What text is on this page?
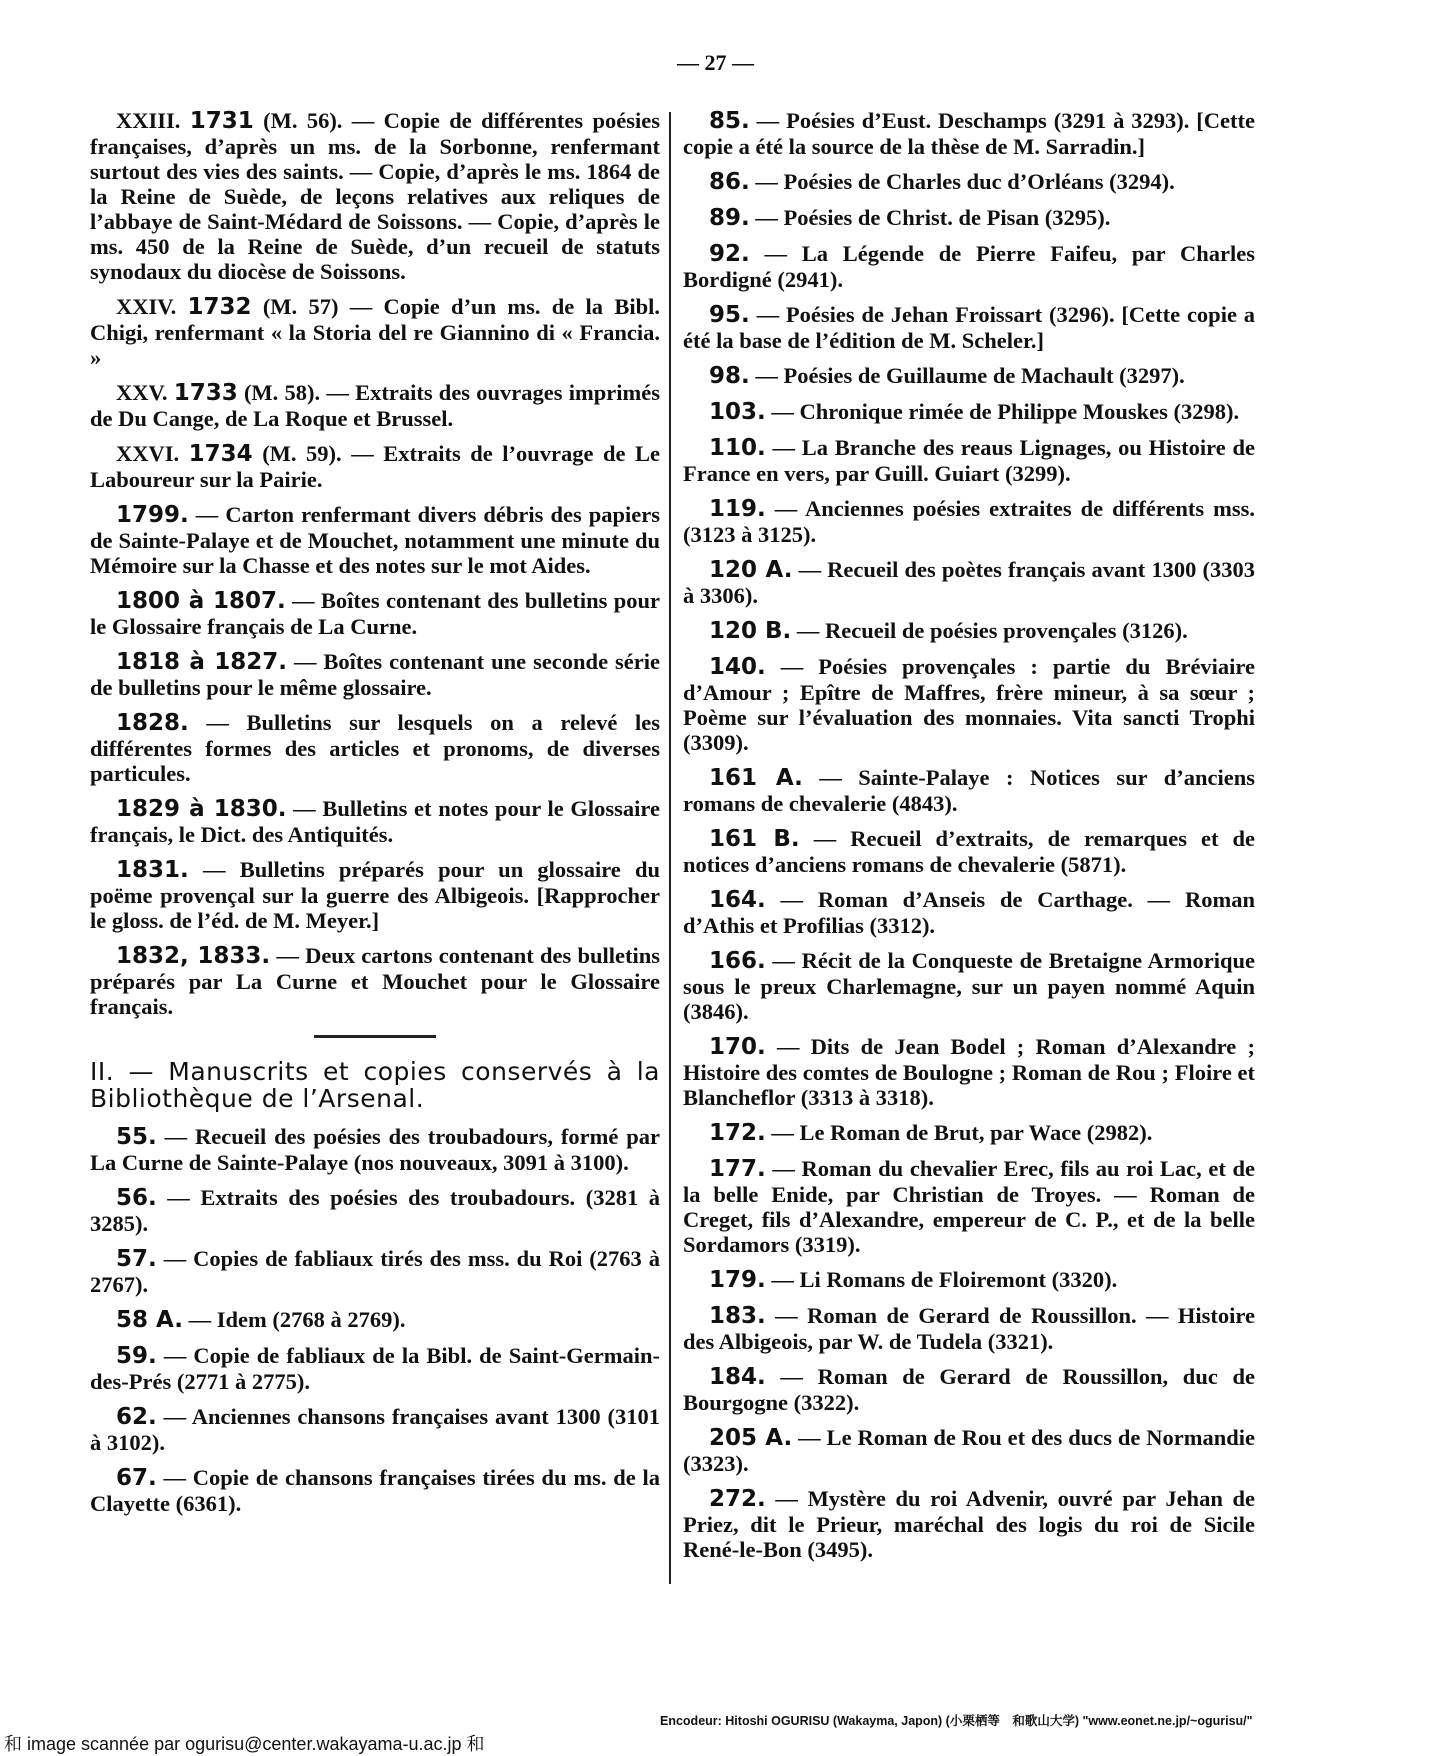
— 27 —

XXIII. 1731 (M. 56). — Copie de différentes poésies françaises, d’après un ms. de la Sorbonne, renfermant surtout des vies des saints. — Copie, d’après le ms. 1864 de la Reine de Suède, de leçons relatives aux reliques de l’abbaye de Saint-Médard de Soissons. — Copie, d’après le ms. 450 de la Reine de Suède, d’un recueil de statuts synodaux du diocèse de Soissons.

XXIV. 1732 (M. 57) — Copie d’un ms. de la Bibl. Chigi, renfermant « la Storia del re Giannino di « Francia. »

XXV. 1733 (M. 58). — Extraits des ouvrages imprimés de Du Cange, de La Roque et Brussel.

XXVI. 1734 (M. 59). — Extraits de l’ouvrage de Le Laboureur sur la Pairie.

1799. — Carton renfermant divers débris des papiers de Sainte-Palaye et de Mouchet, notamment une minute du Mémoire sur la Chasse et des notes sur le mot Aides.

1800 à 1807. — Boîtes contenant des bulletins pour le Glossaire français de La Curne.

1818 à 1827. — Boîtes contenant une seconde série de bulletins pour le même glossaire.

1828. — Bulletins sur lesquels on a relevé les différentes formes des articles et pronoms, de diverses particules.

1829 à 1830. — Bulletins et notes pour le Glossaire français, le Dict. des Antiquités.

1831. — Bulletins préparés pour un glossaire du poëme provençal sur la guerre des Albigeois. [Rapprocher le gloss. de l’éd. de M. Meyer.]

1832, 1833. — Deux cartons contenant des bulletins préparés par La Curne et Mouchet pour le Glossaire français.

II. — Manuscrits et copies conservés à la Bibliothèque de l’Arsenal.

55. — Recueil des poésies des troubadours, formé par La Curne de Sainte-Palaye (nos nouveaux, 3091 à 3100).

56. — Extraits des poésies des troubadours. (3281 à 3285).

57. — Copies de fabliaux tirés des mss. du Roi (2763 à 2767).

58 A. — Idem (2768 à 2769).

59. — Copie de fabliaux de la Bibl. de Saint-Germain-des-Prés (2771 à 2775).

62. — Anciennes chansons françaises avant 1300 (3101 à 3102).

67. — Copie de chansons françaises tirées du ms. de la Clayette (6361).

85. — Poésies d’Eust. Deschamps (3291 à 3293). [Cette copie a été la source de la thèse de M. Sarradin.]

86. — Poésies de Charles duc d’Orléans (3294).

89. — Poésies de Christ. de Pisan (3295).

92. — La Légende de Pierre Faifeu, par Charles Bordigné (2941).

95. — Poésies de Jehan Froissart (3296). [Cette copie a été la base de l’édition de M. Scheler.]

98. — Poésies de Guillaume de Machault (3297).

103. — Chronique rimée de Philippe Mouskes (3298).

110. — La Branche des reaus Lignages, ou Histoire de France en vers, par Guill. Guiart (3299).

119. — Anciennes poésies extraites de différents mss. (3123 à 3125).

120 A. — Recueil des poètes français avant 1300 (3303 à 3306).

120 B. — Recueil de poésies provençales (3126).

140. — Poésies provençales : partie du Bréviaire d’Amour ; Epître de Maffres, frère mineur, à sa sœur ; Poème sur l’évaluation des monnaies. Vita sancti Trophi (3309).

161 A. — Sainte-Palaye : Notices sur d’anciens romans de chevalerie (4843).

161 B. — Recueil d’extraits, de remarques et de notices d’anciens romans de chevalerie (5871).

164. — Roman d’Anseis de Carthage. — Roman d’Athis et Profilias (3312).

166. — Récit de la Conqueste de Bretaigne Armorique sous le preux Charlemagne, sur un payen nommé Aquin (3846).

170. — Dits de Jean Bodel ; Roman d’Alexandre ; Histoire des comtes de Boulogne ; Roman de Rou ; Floire et Blancheflor (3313 à 3318).

172. — Le Roman de Brut, par Wace (2982).

177. — Roman du chevalier Erec, fils au roi Lac, et de la belle Enide, par Christian de Troyes. — Roman de Creget, fils d’Alexandre, empereur de C. P., et de la belle Sordamors (3319).

179. — Li Romans de Floiremont (3320).

183. — Roman de Gerard de Roussillon. — Histoire des Albigeois, par W. de Tudela (3321).

184. — Roman de Gerard de Roussillon, duc de Bourgogne (3322).

205 A. — Le Roman de Rou et des ducs de Normandie (3323).

272. — Mystère du roi Advenir, ouvré par Jehan de Priez, dit le Prieur, maréchal des logis du roi de Sicile René-le-Bon (3495).

Encodeur: Hitoshi OGURISU (Wakayma, Japon) (小栗栖等　和歌山大学) "www.eonet.ne.jp/~ogurisu/"
和 image scannée par ogurisu@center.wakayama-u.ac.jp 和
